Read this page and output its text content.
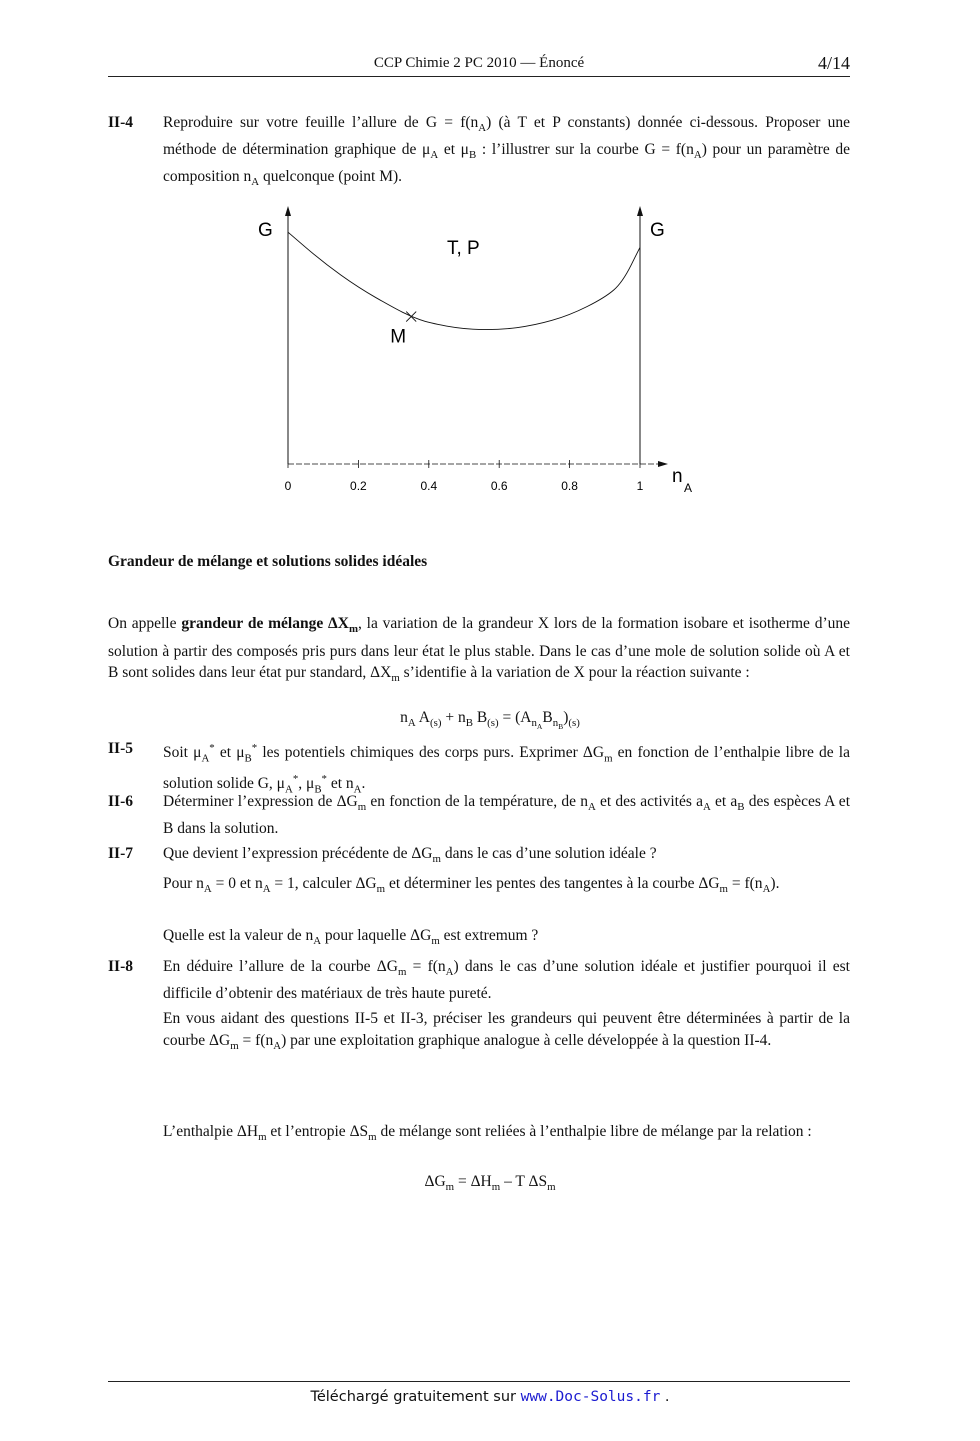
CCP Chimie 2 PC 2010 — Énoncé	4/14
II-4 Reproduire sur votre feuille l’allure de $G = f(n_A)$ (à T et P constants) donnée ci-dessous. Proposer une méthode de détermination graphique de $\mu_A$ et $\mu_B$ : l’illustrer sur la courbe $G = f(n_A)$ pour un paramètre de composition $n_A$ quelconque (point M).
G	G
T, P
n
A
0	0.2	0.4	0.6	0.8	1
M
Grandeur de mélange et solutions solides idéales
On appelle grandeur de mélange $\Delta X_m$, la variation de la grandeur X lors de la formation isobare et isotherme d’une solution à partir des composés pris purs dans leur état le plus stable. Dans le cas d’une mole de solution solide où A et B sont solides dans leur état pur standard, $\Delta X_m$ s’identifie à la variation de X pour la réaction suivante :
$n_A$ $A_{(s)} + n_B$ $B_{(s)} = (A_{n_A}B_{n_B})_{(s)}$
II-5 Soit $\mu_A^*$ et $\mu_B^*$ les potentiels chimiques des corps purs. Exprimer $\Delta G_m$ en fonction de l’enthalpie libre de la solution solide G, $\mu_A^*$, $\mu_B^*$ et $n_A$.
II-6 Déterminer l’expression de $\Delta G_m$ en fonction de la température, de $n_A$ et des activités $a_A$ et $a_B$ des espèces A et B dans la solution.
II-7 Que devient l’expression précédente de $\Delta G_m$ dans le cas d’une solution idéale ?
Pour $n_A = 0$ et $n_A = 1$, calculer $\Delta G_m$ et déterminer les pentes des tangentes à la courbe $\Delta G_m = f(n_A)$.
Quelle est la valeur de $n_A$ pour laquelle $\Delta G_m$ est extremum ?
II-8 En déduire l’allure de la courbe $\Delta G_m = f(n_A)$ dans le cas d’une solution idéale et justifier pourquoi il est difficile d’obtenir des matériaux de très haute pureté.
En vous aidant des questions II-5 et II-3, préciser les grandeurs qui peuvent être déterminées à partir de la courbe $\Delta G_m = f(n_A)$ par une exploitation graphique analogue à celle développée à la question II-4.
L’enthalpie $\Delta H_m$ et l’entropie $\Delta S_m$ de mélange sont reliées à l’enthalpie libre de mélange par la relation :
$\Delta G_m = \Delta H_m - T$ $\Delta S_m$
Téléchargé gratuitement sur www.Doc-Solus.fr .
